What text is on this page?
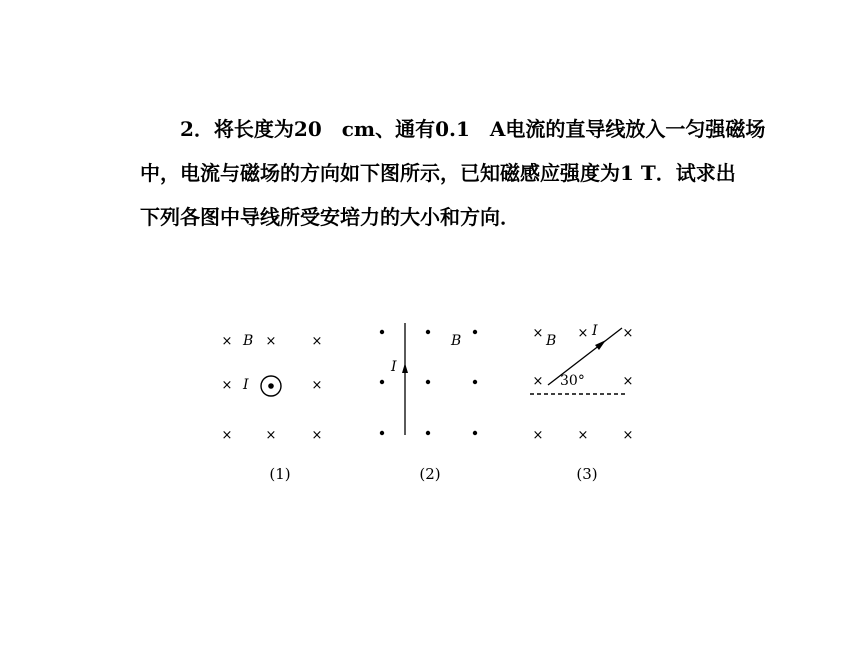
2．将长度为20　cm、通有0.1　A电流的直导线放入一匀强磁场

中，电流与磁场的方向如下图所示，已知磁感应强度为1 T．试求出

下列各图中导线所受安培力的大小和方向．

×	×	×
×	×
×	×	×
B
I
(1)
I
B
(2)
×	×	×
×	×
×	×	×
B
I
30°
(3)
